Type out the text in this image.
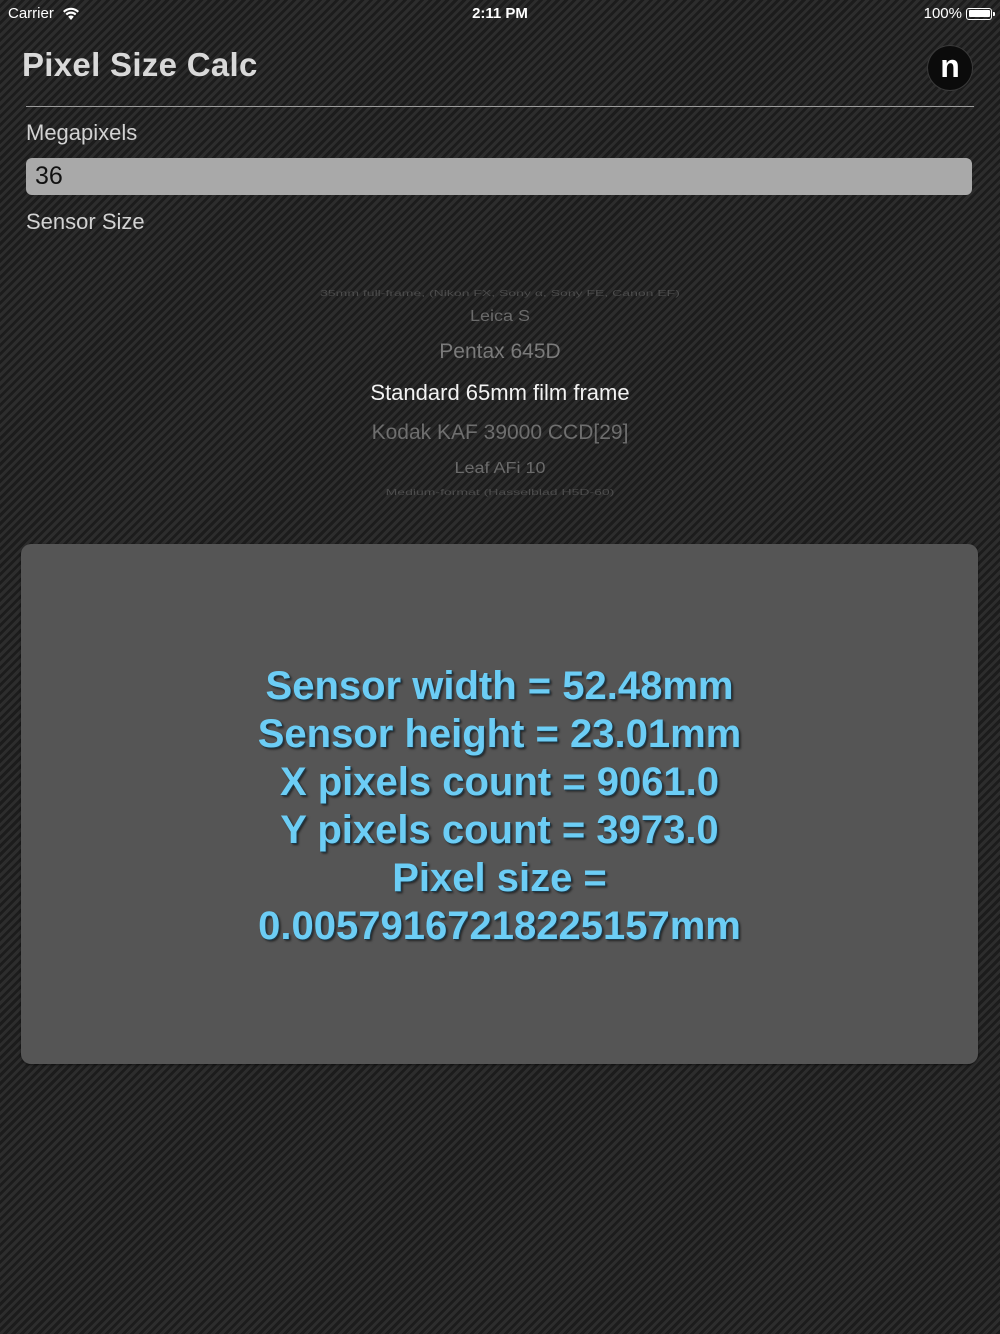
Carrier	2:11 PM	100%
Pixel Size Calc	n
Megapixels
36
Sensor Size
35mm full-frame, (Nikon FX, Sony α, Sony FE, Canon EF)
Leica S
Pentax 645D
Standard 65mm film frame
Kodak KAF 39000 CCD[29]
Leaf AFi 10
Medium-format (Hasselblad H5D-60)
Sensor width = 52.48mm
Sensor height = 23.01mm
X pixels count = 9061.0
Y pixels count = 3973.0
Pixel size =
0.0057916721822515​7mm
